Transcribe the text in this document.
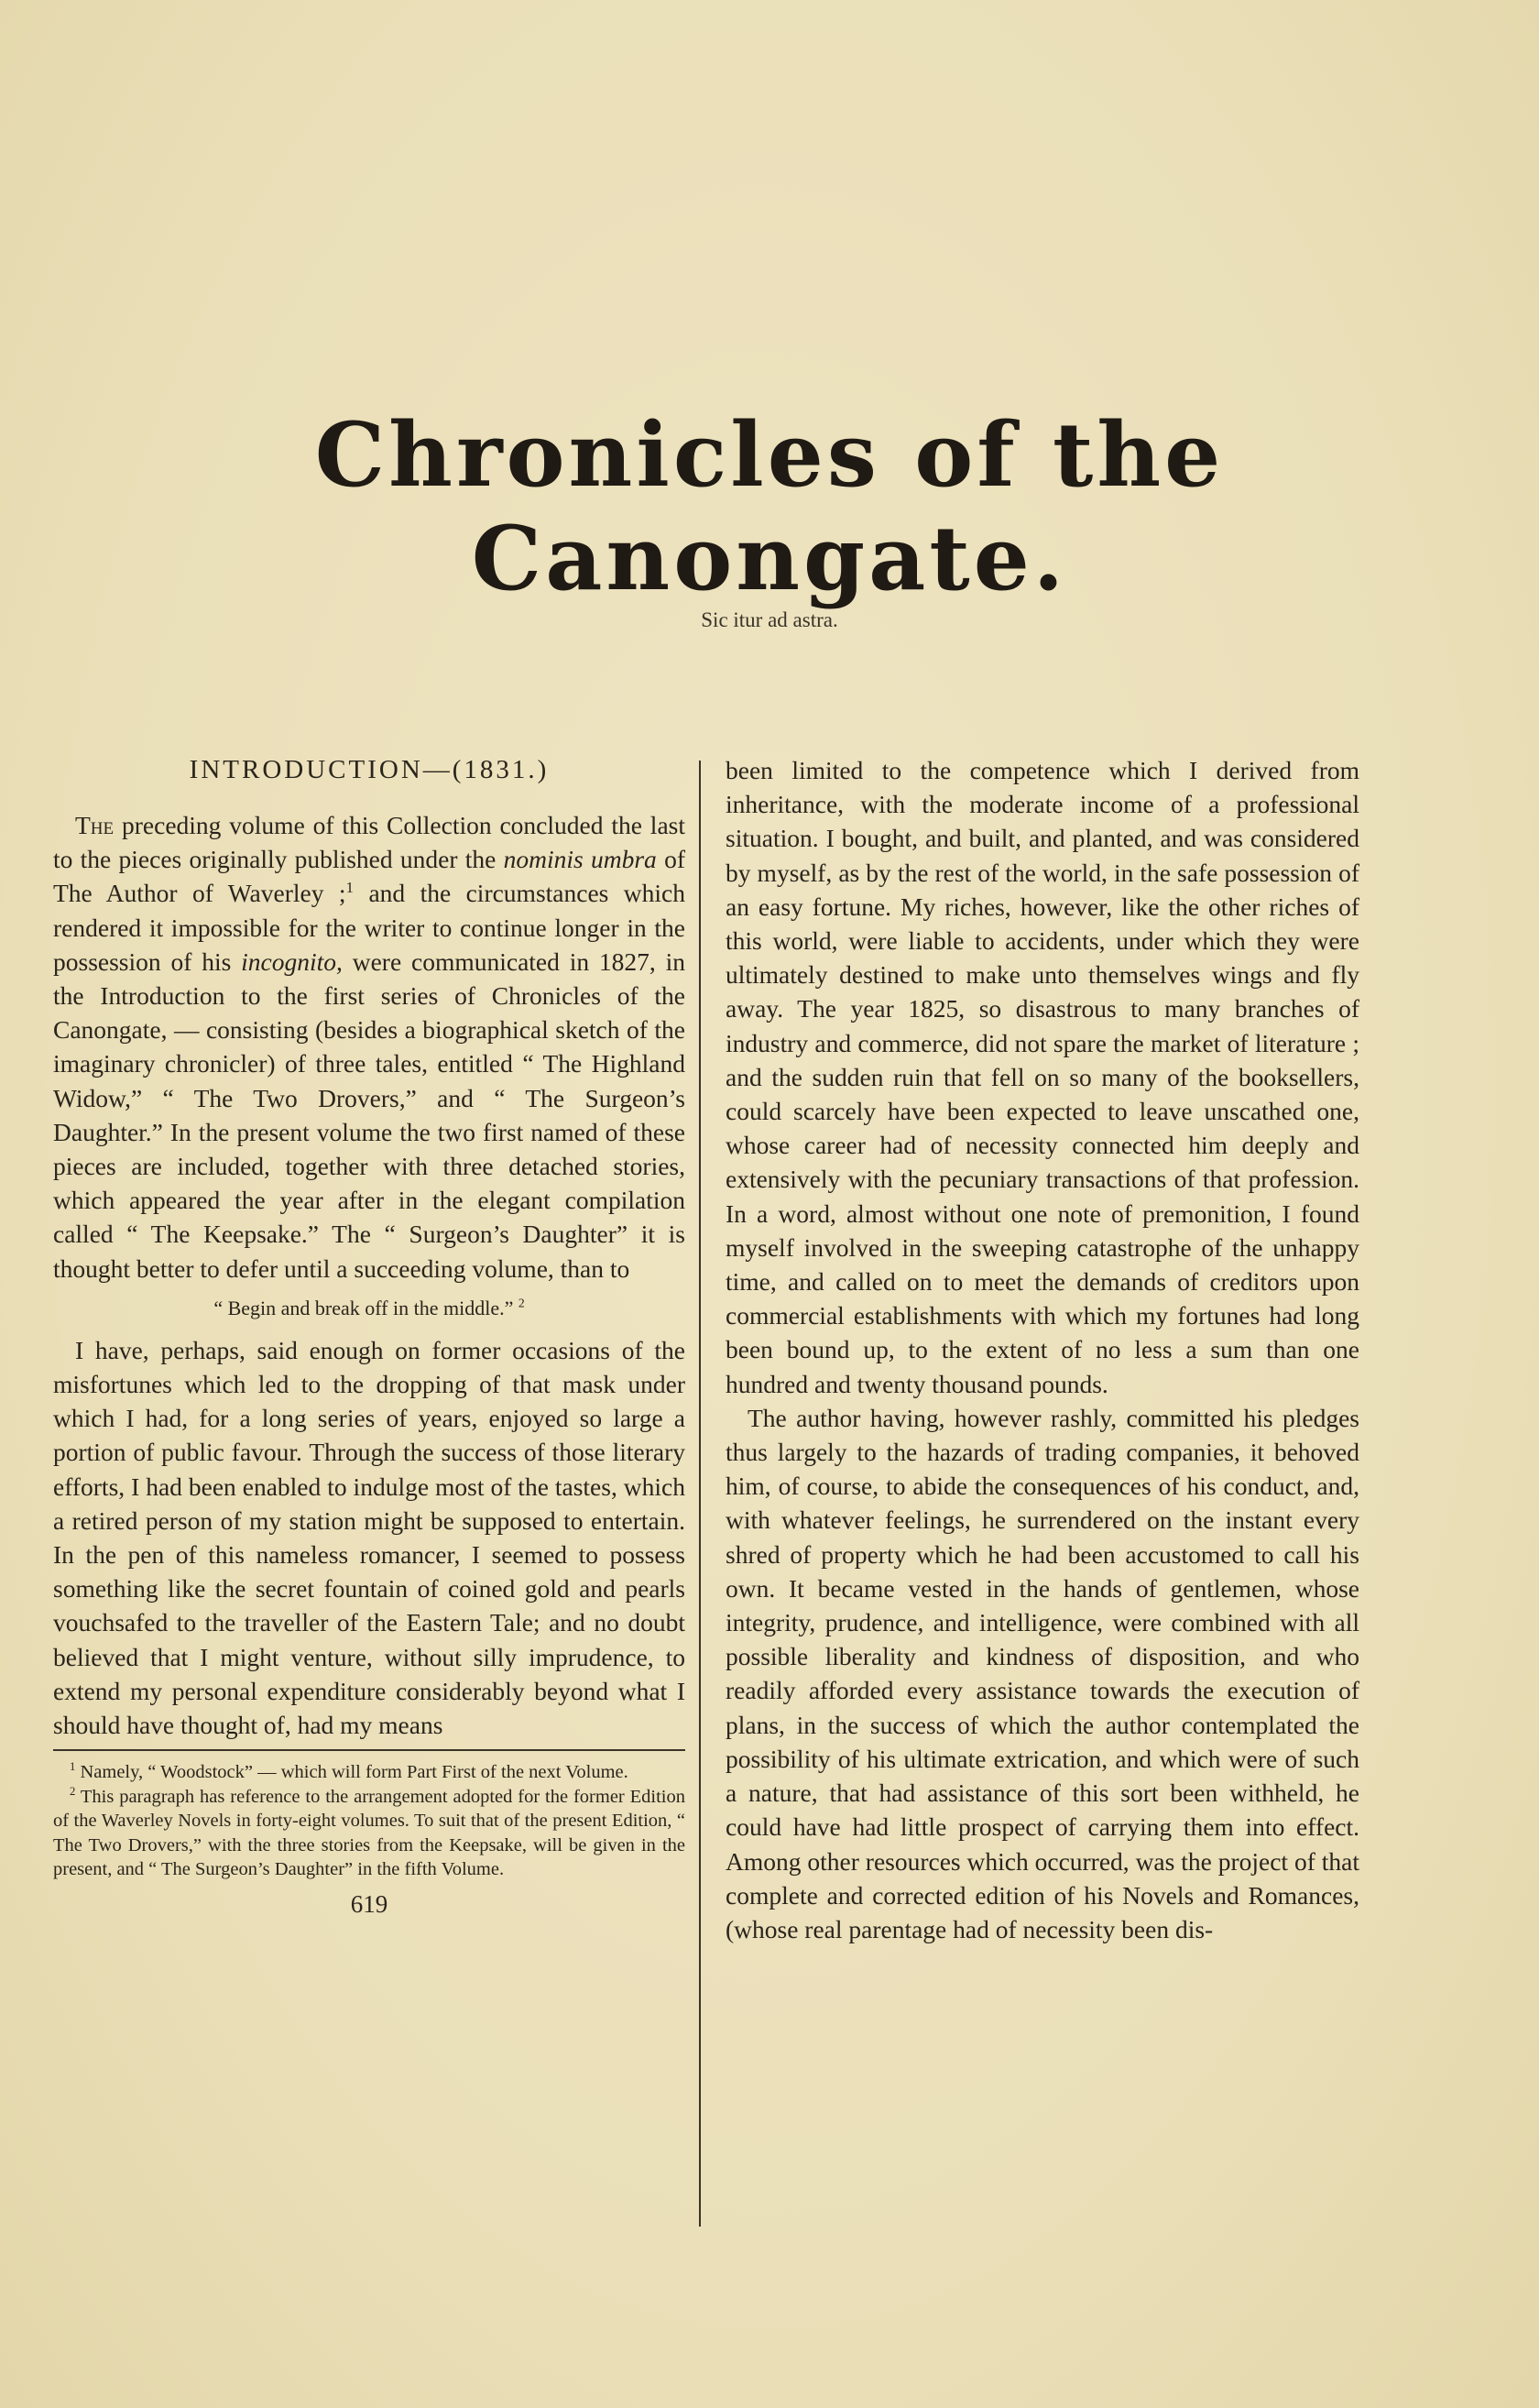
Chronicles of the Canongate.
Sic itur ad astra.
INTRODUCTION—(1831.)

The preceding volume of this Collection concluded the last to the pieces originally published under the nominis umbra of The Author of Waverley ;$^1$ and the circumstances which rendered it impossible for the writer to continue longer in the possession of his incognito, were communicated in 1827, in the Introduction to the first series of Chronicles of the Canongate, — consisting (besides a biographical sketch of the imaginary chronicler) of three tales, entitled “ The Highland Widow,” “ The Two Drovers,” and “ The Surgeon’s Daughter.” In the present volume the two first named of these pieces are included, together with three detached stories, which appeared the year after in the elegant compilation called “ The Keepsake.” The “ Surgeon’s Daughter” it is thought better to defer until a succeeding volume, than to

“ Begin and break off in the middle.” $^2$

I have, perhaps, said enough on former occasions of the misfortunes which led to the dropping of that mask under which I had, for a long series of years, enjoyed so large a portion of public favour. Through the success of those literary efforts, I had been enabled to indulge most of the tastes, which a retired person of my station might be supposed to entertain. In the pen of this nameless romancer, I seemed to possess something like the secret fountain of coined gold and pearls vouchsafed to the traveller of the Eastern Tale; and no doubt believed that I might venture, without silly imprudence, to extend my personal expenditure considerably beyond what I should have thought of, had my means

$^1$ Namely, “ Woodstock” — which will form Part First of the next Volume.

$^2$ This paragraph has reference to the arrangement adopted for the former Edition of the Waverley Novels in forty-eight volumes. To suit that of the present Edition, “ The Two Drovers,” with the three stories from the Keepsake, will be given in the present, and “ The Surgeon’s Daughter” in the fifth Volume.

619

been limited to the competence which I derived from inheritance, with the moderate income of a professional situation. I bought, and built, and planted, and was considered by myself, as by the rest of the world, in the safe possession of an easy fortune. My riches, however, like the other riches of this world, were liable to accidents, under which they were ultimately destined to make unto themselves wings and fly away. The year 1825, so disastrous to many branches of industry and commerce, did not spare the market of literature ; and the sudden ruin that fell on so many of the booksellers, could scarcely have been expected to leave unscathed one, whose career had of necessity connected him deeply and extensively with the pecuniary transactions of that profession. In a word, almost without one note of premonition, I found myself involved in the sweeping catastrophe of the unhappy time, and called on to meet the demands of creditors upon commercial establishments with which my fortunes had long been bound up, to the extent of no less a sum than one hundred and twenty thousand pounds.

The author having, however rashly, committed his pledges thus largely to the hazards of trading companies, it behoved him, of course, to abide the consequences of his conduct, and, with whatever feelings, he surrendered on the instant every shred of property which he had been accustomed to call his own. It became vested in the hands of gentlemen, whose integrity, prudence, and intelligence, were combined with all possible liberality and kindness of disposition, and who readily afforded every assistance towards the execution of plans, in the success of which the author contemplated the possibility of his ultimate extrication, and which were of such a nature, that had assistance of this sort been withheld, he could have had little prospect of carrying them into effect. Among other resources which occurred, was the project of that complete and corrected edition of his Novels and Romances, (whose real parentage had of necessity been dis-
